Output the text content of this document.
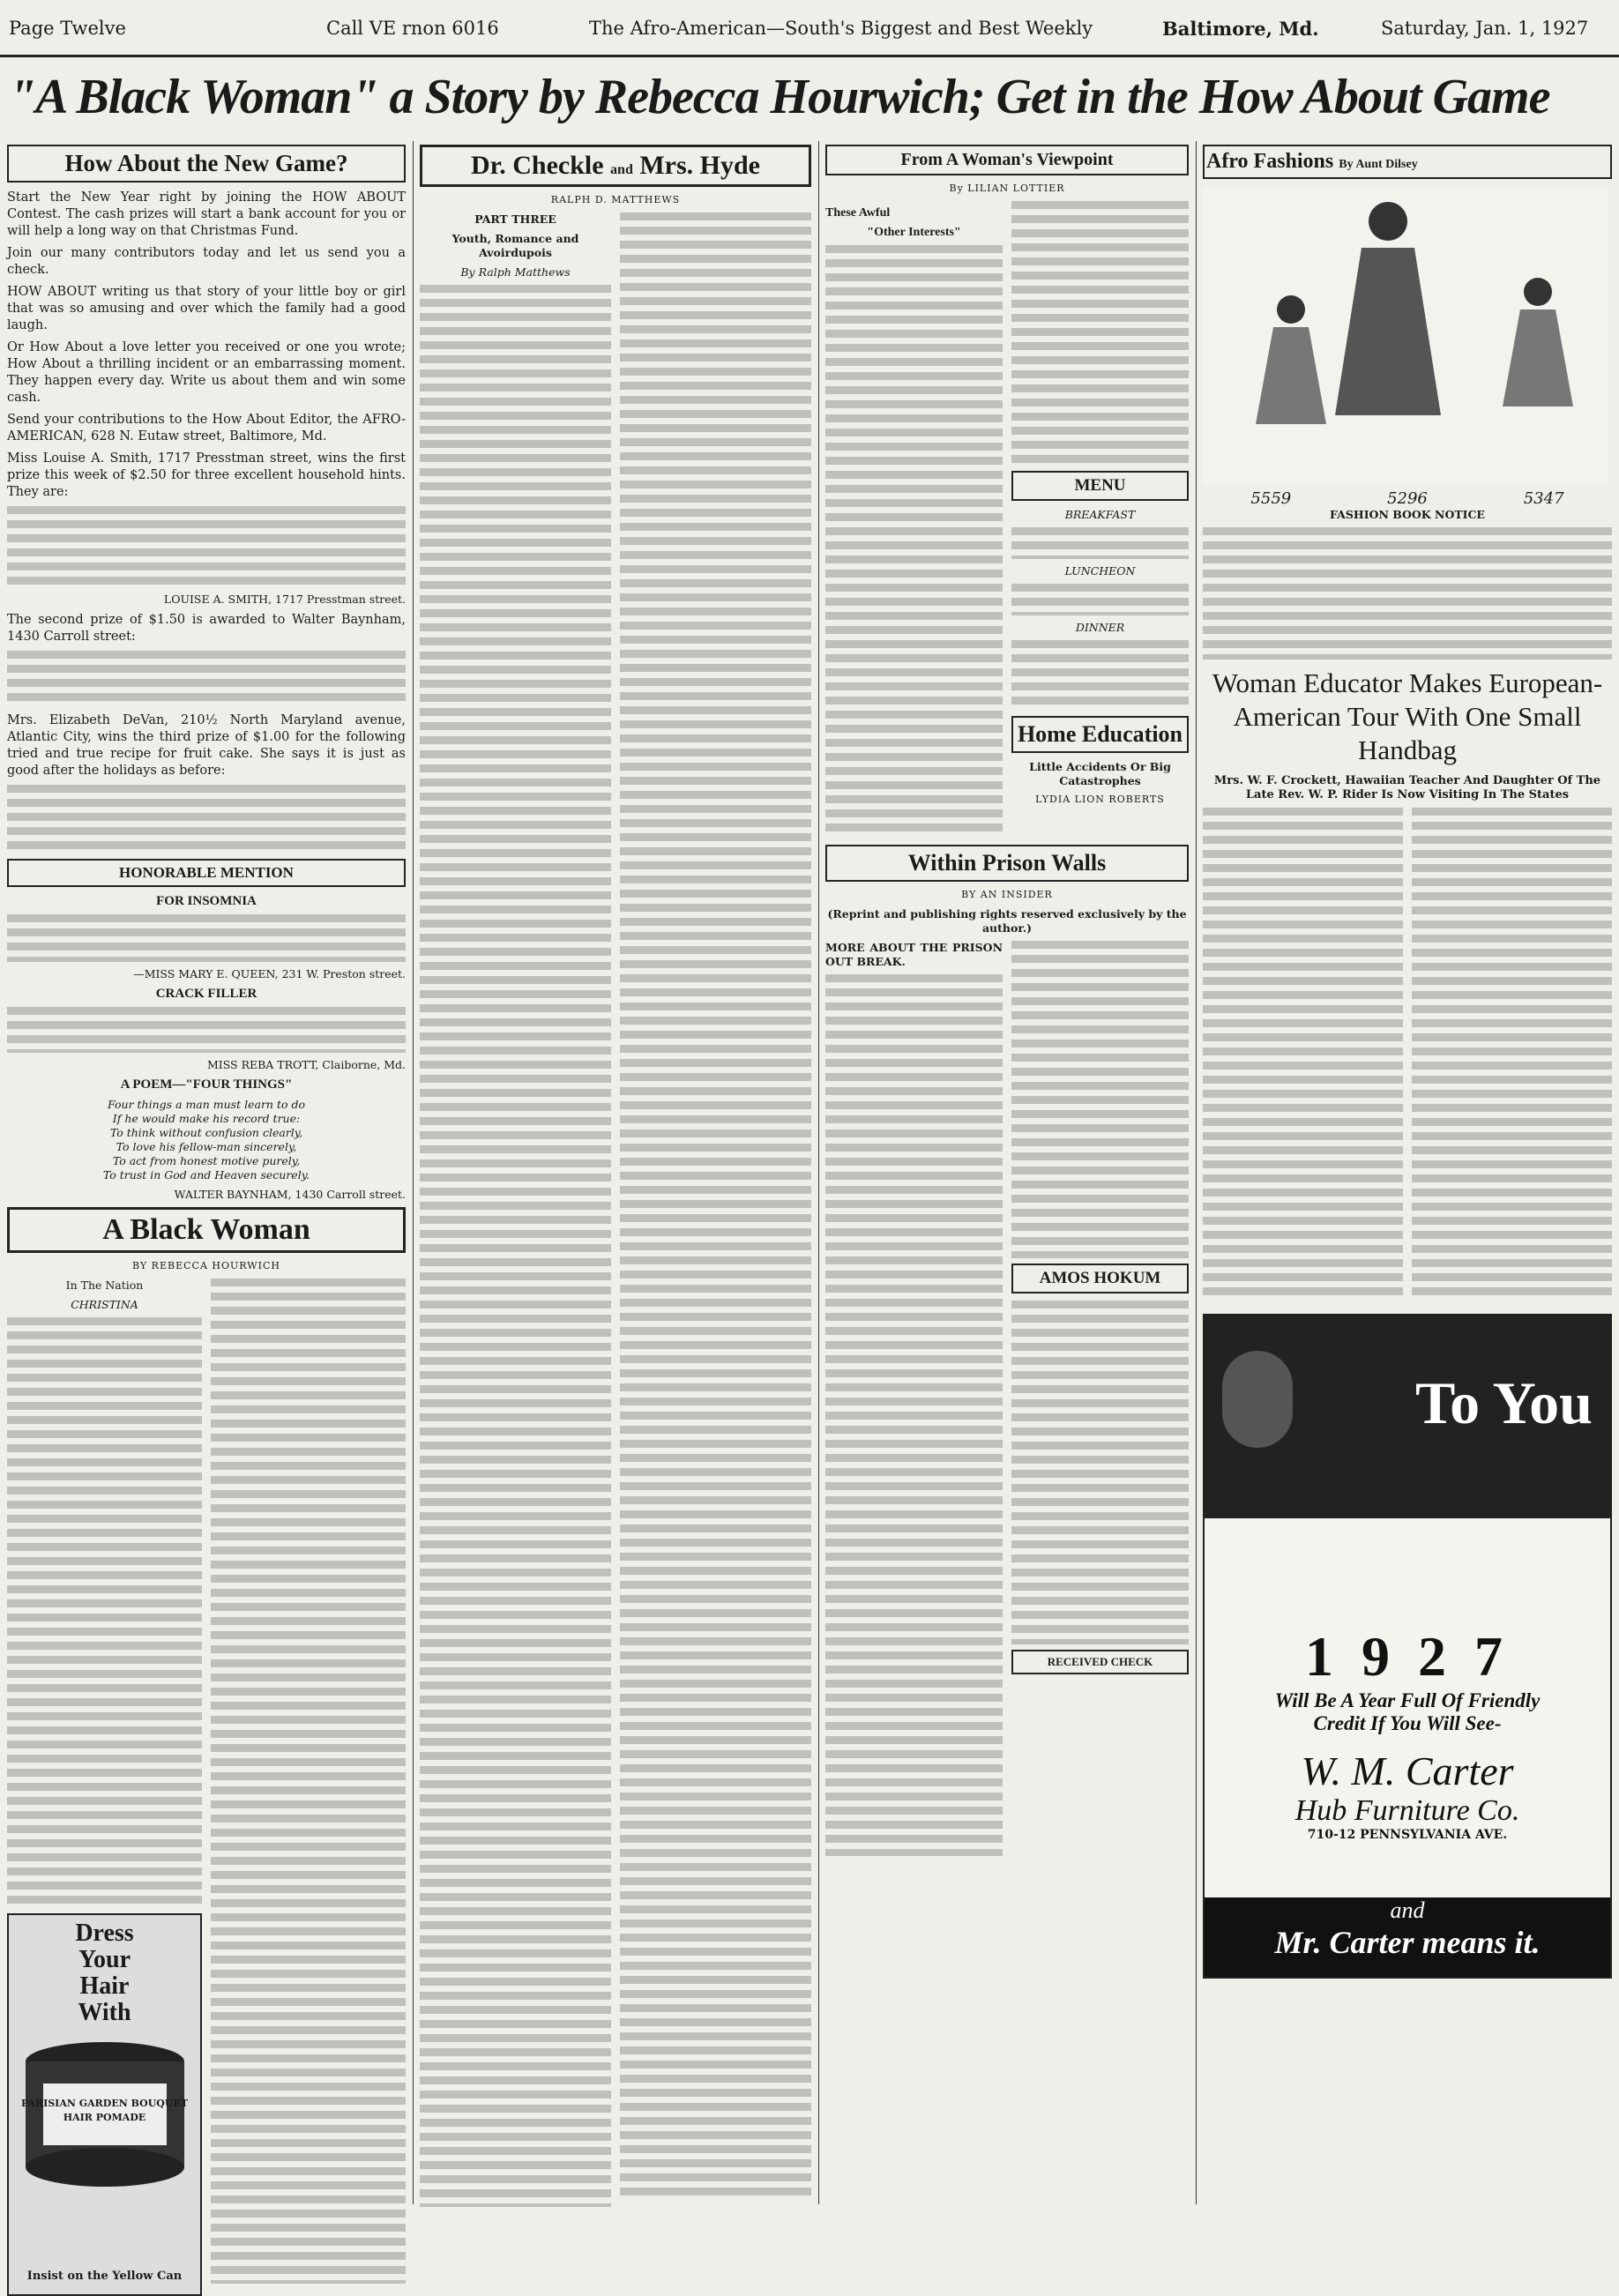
Page Twelve	Call VE rnon 6016	The Afro-American—South's Biggest and Best Weekly	Baltimore, Md.	Saturday, Jan. 1, 1927
"A Black Woman" a Story by Rebecca Hourwich; Get in the How About Game
How About the New Game?

Start the New Year right by joining the HOW ABOUT Contest. The cash prizes will start a bank account for you or will help a long way on that Christmas Fund.

Join our many contributors today and let us send you a check.

HOW ABOUT writing us that story of your little boy or girl that was so amusing and over which the family had a good laugh.

Or How About a love letter you received or one you wrote; How About a thrilling incident or an embarrassing moment. They happen every day. Write us about them and win some cash.

Send your contributions to the How About Editor, the AFRO-AMERICAN, 628 N. Eutaw street, Baltimore, Md.

Miss Louise A. Smith, 1717 Presstman street, wins the first prize this week of $2.50 for three excellent household hints. They are:

LOUISE A. SMITH, 1717 Presstman street.

The second prize of $1.50 is awarded to Walter Baynham, 1430 Carroll street:

Mrs. Elizabeth DeVan, 210½ North Maryland avenue, Atlantic City, wins the third prize of $1.00 for the following tried and true recipe for fruit cake. She says it is just as good after the holidays as before:

HONORABLE MENTION
FOR INSOMNIA

—MISS MARY E. QUEEN, 231 W. Preston street.

CRACK FILLER

MISS REBA TROTT, Claiborne, Md.

A POEM—"FOUR THINGS"
Four things a man must learn to do
If he would make his record true:
To think without confusion clearly,
To love his fellow-man sincerely,
To act from honest motive purely,
To trust in God and Heaven securely.

WALTER BAYNHAM, 1430 Carroll street.

A Black Woman
BY REBECCA HOURWICH
In The Nation
CHRISTINA
Dress
Your
Hair
With
PARISIAN GARDEN BOUQUET HAIR POMADE
Insist on the Yellow Can
Dr. Checkle and Mrs. Hyde
RALPH D. MATTHEWS
PART THREE
Youth, Romance and Avoirdupois
By Ralph Matthews
From A Woman's Viewpoint
By LILIAN LOTTIER
These Awful
"Other Interests"
MENU
BREAKFAST
LUNCHEON
DINNER
Home Education
Little Accidents Or Big Catastrophes
LYDIA LION ROBERTS
Within Prison Walls
BY AN INSIDER
(Reprint and publishing rights reserved exclusively by the author.)
MORE ABOUT THE PRISON OUT BREAK.
AMOS HOKUM
RECEIVED CHECK
Afro Fashions By Aunt Dilsey
5559	5296	5347
FASHION BOOK NOTICE
Woman Educator Makes European-American Tour With One Small Handbag
Mrs. W. F. Crockett, Hawaiian Teacher And Daughter Of The Late Rev. W. P. Rider Is Now Visiting In The States
To You
1 9 2 7
Will Be A Year Full Of Friendly
Credit If You Will See-
W. M. Carter
Hub Furniture Co.
710-12 PENNSYLVANIA AVE.
and
Mr. Carter means it.
